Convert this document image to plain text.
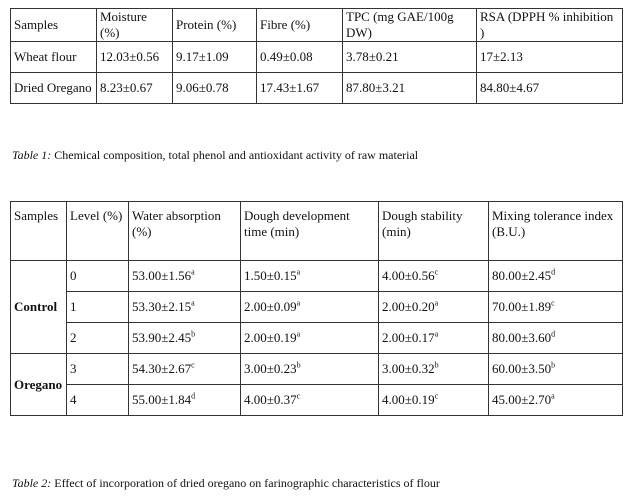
Samples	Moisture (%)	Protein (%)	Fibre (%)	TPC (mg GAE/100g DW)	RSA (DPPH % inhibition )
Wheat flour	12.03±0.56	9.17±1.09	0.49±0.08	3.78±0.21	17±2.13
Dried Oregano	8.23±0.67	9.06±0.78	17.43±1.67	87.80±3.21	84.80±4.67
Table 1: Chemical composition, total phenol and antioxidant activity of raw material
Samples	Level (%)	Water absorption (%)	Dough development time (min)	Dough stability (min)	Mixing tolerance index (B.U.)
Control	0	53.00±1.56$^a$	1.50±0.15$^a$	4.00±0.56$^c$	80.00±2.45$^d$
	1	53.30±2.15$^a$	2.00±0.09$^a$	2.00±0.20$^a$	70.00±1.89$^c$
	2	53.90±2.45$^b$	2.00±0.19$^a$	2.00±0.17$^a$	80.00±3.60$^d$
Oregano	3	54.30±2.67$^c$	3.00±0.23$^b$	3.00±0.32$^b$	60.00±3.50$^b$
	4	55.00±1.84$^d$	4.00±0.37$^c$	4.00±0.19$^c$	45.00±2.70$^a$
Table 2: Effect of incorporation of dried oregano on farinographic characteristics of flour
